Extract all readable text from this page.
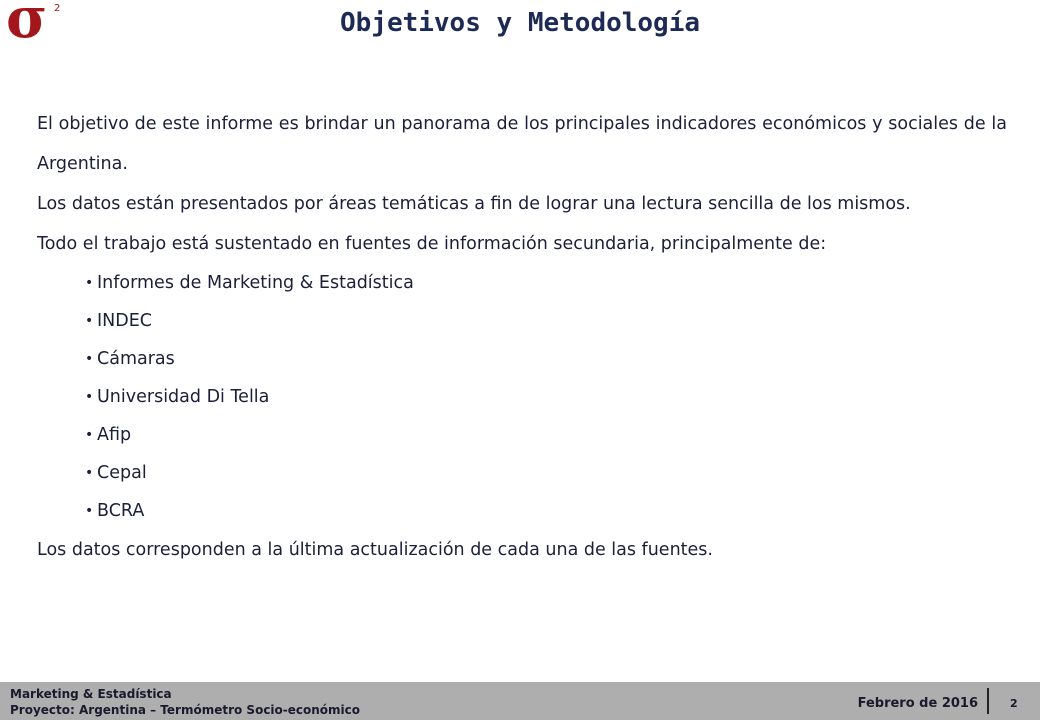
σ 2	Objetivos y Metodología

El objetivo de este informe es brindar un panorama de los principales indicadores económicos y sociales de la Argentina.

Los datos están presentados por áreas temáticas a fin de lograr una lectura sencilla de los mismos.

Todo el trabajo está sustentado en fuentes de información secundaria, principalmente de:

• Informes de Marketing & Estadística
• INDEC
• Cámaras
• Universidad Di Tella
• Afip
• Cepal
• BCRA

Los datos corresponden a la última actualización de cada una de las fuentes.

Marketing & Estadística
Proyecto: Argentina – Termómetro Socio-económico	Febrero de 2016	2
